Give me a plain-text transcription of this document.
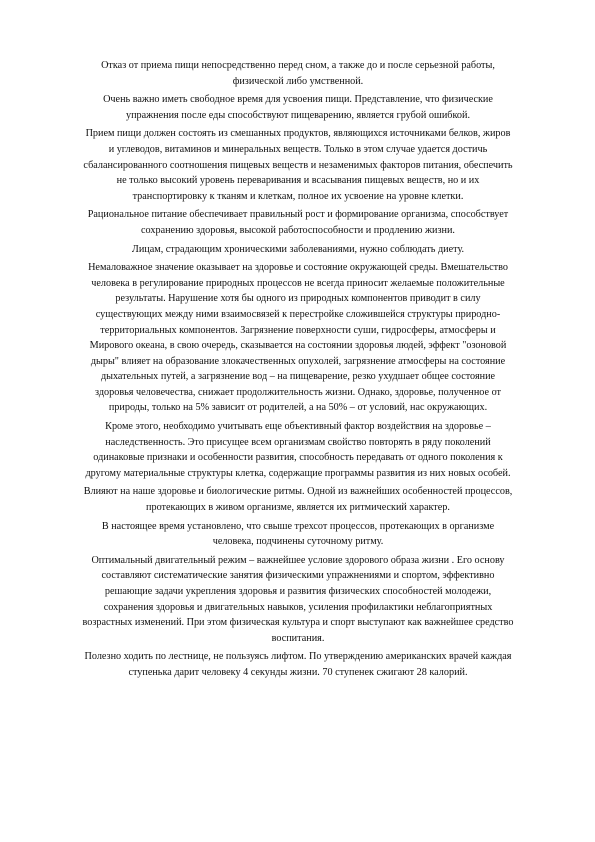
Отказ от приема пищи непосредственно перед сном, а также до и после серьезной работы, физической либо умственной.

Очень важно иметь свободное время для усвоения пищи. Представление, что физические упражнения после еды способствуют пищеварению, является грубой ошибкой.

Прием пищи должен состоять из смешанных продуктов, являющихся источниками белков, жиров и углеводов, витаминов и минеральных веществ. Только в этом случае удается достичь сбалансированного соотношения пищевых веществ и незаменимых факторов питания, обеспечить не только высокий уровень переваривания и всасывания пищевых веществ, но и их транспортировку к тканям и клеткам, полное их усвоение на уровне клетки.

Рациональное питание обеспечивает правильный рост и формирование организма, способствует сохранению здоровья, высокой работоспособности и продлению жизни.

Лицам, страдающим хроническими заболеваниями, нужно соблюдать диету.

Немаловажное значение оказывает на здоровье и состояние окружающей среды. Вмешательство человека в регулирование природных процессов не всегда приносит желаемые положительные результаты. Нарушение хотя бы одного из природных компонентов приводит в силу существующих между ними взаимосвязей к перестройке сложившейся структуры природно-территориальных компонентов. Загрязнение поверхности суши, гидросферы, атмосферы и Мирового океана, в свою очередь, сказывается на состоянии здоровья людей, эффект "озоновой дыры" влияет на образование злокачественных опухолей, загрязнение атмосферы на состояние дыхательных путей, а загрязнение вод – на пищеварение, резко ухудшает общее состояние здоровья человечества, снижает продолжительность жизни. Однако, здоровье, полученное от природы, только на 5% зависит от родителей, а на 50% – от условий, нас окружающих.

Кроме этого, необходимо учитывать еще объективный фактор воздействия на здоровье – наследственность. Это присущее всем организмам свойство повторять в ряду поколений одинаковые признаки и особенности развития, способность передавать от одного поколения к другому материальные структуры клетка, содержащие программы развития из них новых особей.

Влияют на наше здоровье и биологические ритмы. Одной из важнейших особенностей процессов, протекающих в живом организме, является их ритмический характер.

В настоящее время установлено, что свыше трехсот процессов, протекающих в организме человека, подчинены суточному ритму.

Оптимальный двигательный режим – важнейшее условие здорового образа жизни . Его основу составляют систематические занятия физическими упражнениями и спортом, эффективно решающие задачи укрепления здоровья и развития физических способностей молодежи, сохранения здоровья и двигательных навыков, усиления профилактики неблагоприятных возрастных изменений. При этом физическая культура и спорт выступают как важнейшее средство воспитания.

Полезно ходить по лестнице, не пользуясь лифтом. По утверждению американских врачей каждая ступенька дарит человеку 4 секунды жизни. 70 ступенек сжигают 28 калорий.
